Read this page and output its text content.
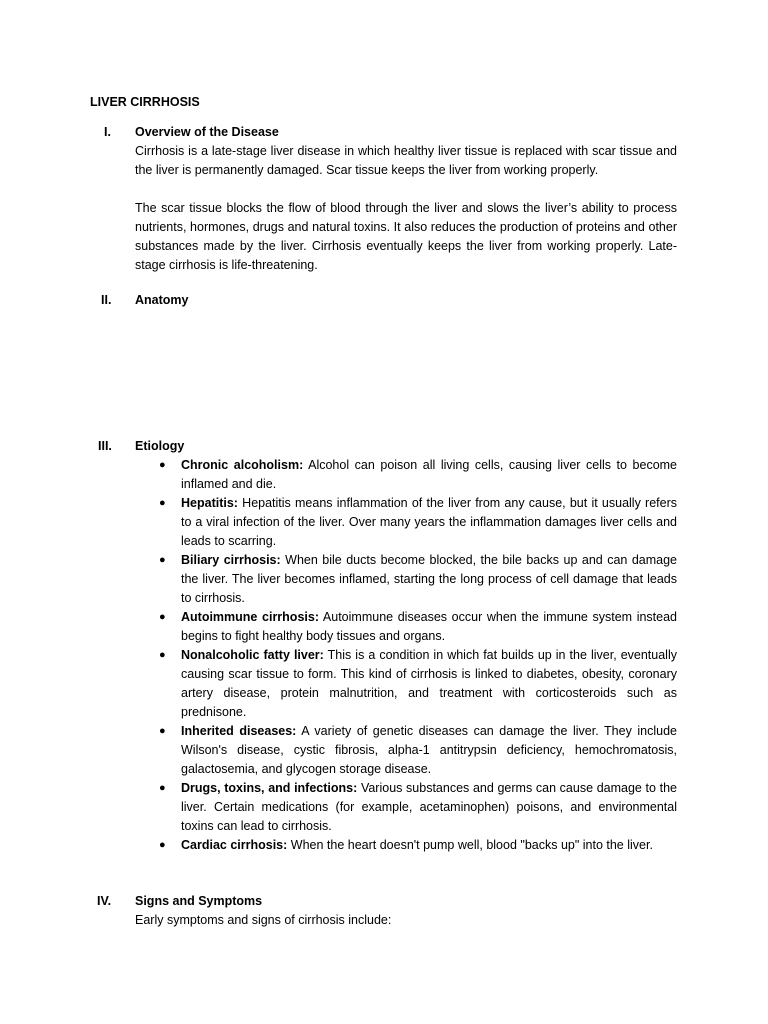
LIVER CIRRHOSIS
I.	Overview of the Disease

Cirrhosis is a late-stage liver disease in which healthy liver tissue is replaced with scar tissue and the liver is permanently damaged. Scar tissue keeps the liver from working properly.

The scar tissue blocks the flow of blood through the liver and slows the liver’s ability to process nutrients, hormones, drugs and natural toxins. It also reduces the production of proteins and other substances made by the liver. Cirrhosis eventually keeps the liver from working properly. Late-stage cirrhosis is life-threatening.

II.	Anatomy
III.	Etiology
● Chronic alcoholism: Alcohol can poison all living cells, causing liver cells to become inflamed and die.
● Hepatitis: Hepatitis means inflammation of the liver from any cause, but it usually refers to a viral infection of the liver. Over many years the inflammation damages liver cells and leads to scarring.
● Biliary cirrhosis: When bile ducts become blocked, the bile backs up and can damage the liver. The liver becomes inflamed, starting the long process of cell damage that leads to cirrhosis.
● Autoimmune cirrhosis: Autoimmune diseases occur when the immune system instead begins to fight healthy body tissues and organs.
● Nonalcoholic fatty liver: This is a condition in which fat builds up in the liver, eventually causing scar tissue to form. This kind of cirrhosis is linked to diabetes, obesity, coronary artery disease, protein malnutrition, and treatment with corticosteroids such as prednisone.
● Inherited diseases: A variety of genetic diseases can damage the liver. They include Wilson's disease, cystic fibrosis, alpha-1 antitrypsin deficiency, hemochromatosis, galactosemia, and glycogen storage disease.
● Drugs, toxins, and infections: Various substances and germs can cause damage to the liver. Certain medications (for example, acetaminophen) poisons, and environmental toxins can lead to cirrhosis.
● Cardiac cirrhosis: When the heart doesn't pump well, blood "backs up" into the liver.
IV.	Signs and Symptoms

Early symptoms and signs of cirrhosis include:
